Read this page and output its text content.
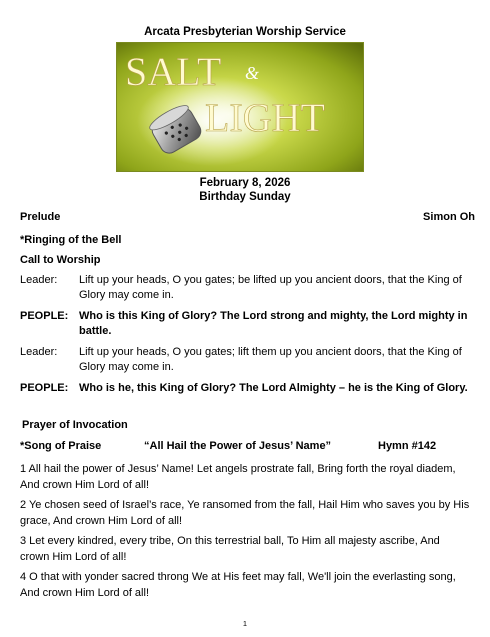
Arcata Presbyterian Worship Service
SALT &
LIGHT
February 8, 2026
Birthday Sunday
Prelude	Simon Oh
*Ringing of the Bell
Call to Worship
Leader:	Lift up your heads, O you gates; be lifted up you ancient doors, that the King of Glory may come in.
PEOPLE: Who is this King of Glory? The Lord strong and mighty, the Lord mighty in battle.
Leader:	Lift up your heads, O you gates; lift them up you ancient doors, that the King of Glory may come in.
PEOPLE: Who is he, this King of Glory? The Lord Almighty – he is the King of Glory.
Prayer of Invocation
*Song of Praise	“All Hail the Power of Jesus’ Name”	Hymn #142
1 All hail the power of Jesus’ Name! Let angels prostrate fall, Bring forth the royal diadem, And crown Him Lord of all!
2 Ye chosen seed of Israel’s race, Ye ransomed from the fall, Hail Him who saves you by His grace, And crown Him Lord of all!
3 Let every kindred, every tribe, On this terrestrial ball, To Him all majesty ascribe, And crown Him Lord of all!
4 O that with yonder sacred throng We at His feet may fall, We'll join the everlasting song, And crown Him Lord of all!
1
